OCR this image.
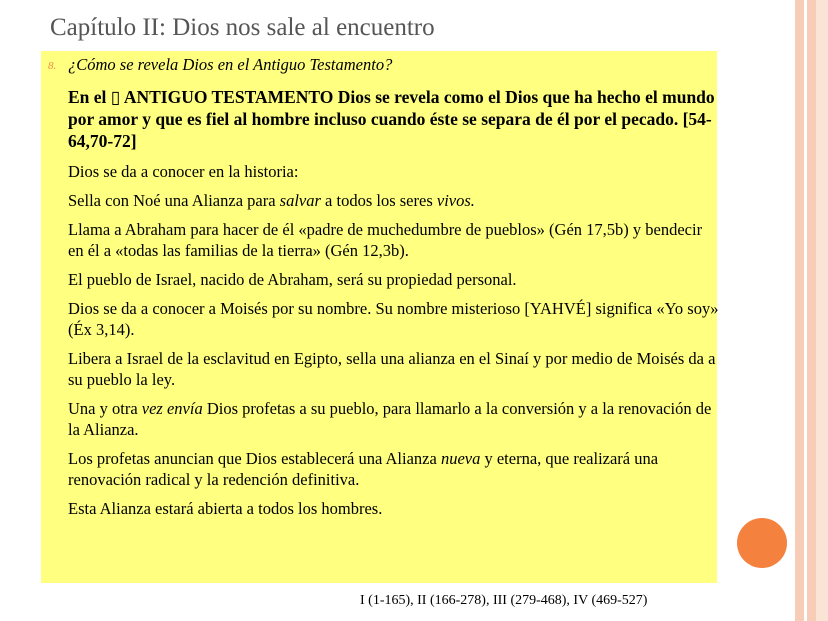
Capítulo II: Dios nos sale al encuentro
8. ¿Cómo se revela Dios en el Antiguo Testamento?

En el ▯ ANTIGUO TESTAMENTO Dios se revela como el Dios que ha hecho el mundo por amor y que es fiel al hombre incluso cuando éste se separa de él por el pecado. [54-64,70-72]

Dios se da a conocer en la historia:

Sella con Noé una Alianza para salvar a todos los seres vivos.

Llama a Abraham para hacer de él «padre de muchedumbre de pueblos» (Gén 17,5b) y bendecir en él a «todas las familias de la tierra» (Gén 12,3b).

El pueblo de Israel, nacido de Abraham, será su propiedad personal.

Dios se da a conocer a Moisés por su nombre. Su nombre misterioso [YAHVÉ] significa «Yo soy» (Éx 3,14).

Libera a Israel de la esclavitud en Egipto, sella una alianza en el Sinaí y por medio de Moisés da a su pueblo la ley.

Una y otra vez envía Dios profetas a su pueblo, para llamarlo a la conversión y a la renovación de la Alianza.

Los profetas anuncian que Dios establecerá una Alianza nueva y eterna, que realizará una renovación radical y la redención definitiva.

Esta Alianza estará abierta a todos los hombres.

I (1-165), II (166-278), III (279-468), IV (469-527)
